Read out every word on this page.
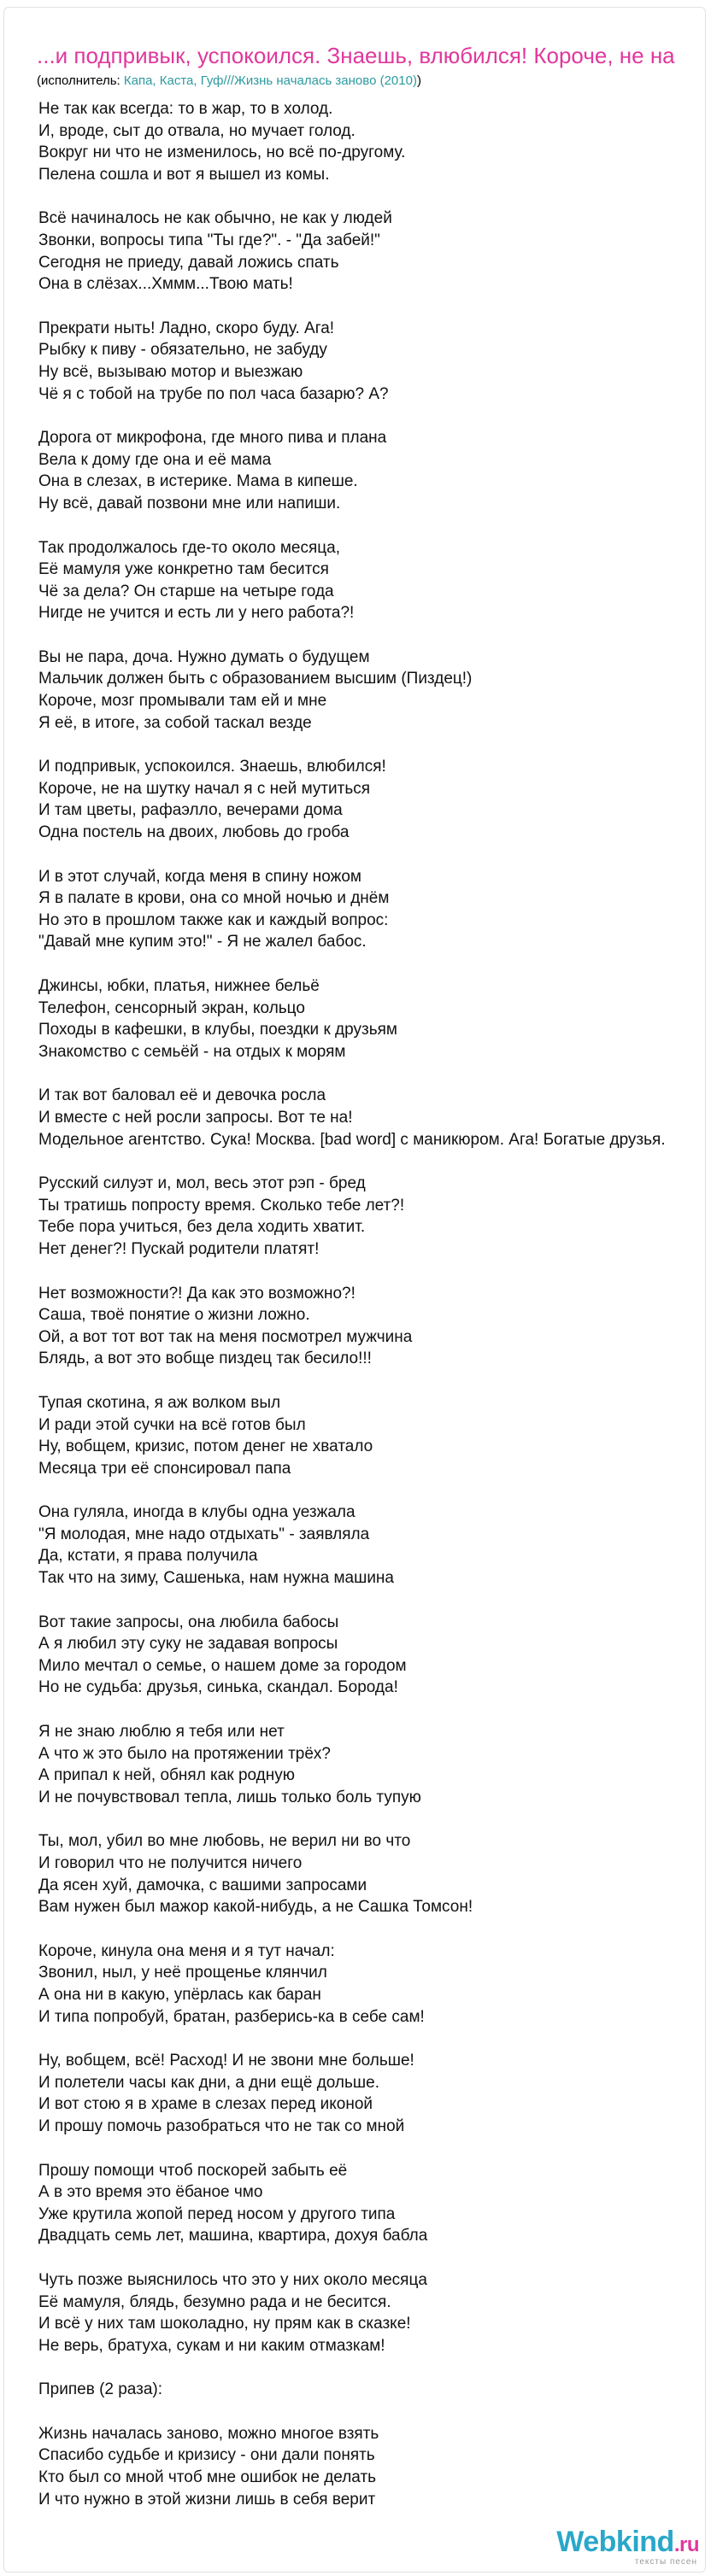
...и подпривык, успокоился. Знаешь, влюбился! Короче, не на
(исполнитель: Капа, Каста, Гуф///Жизнь началась заново (2010))
Не так как всегда: то в жар, то в холод.
И, вроде, сыт до отвала, но мучает голод.
Вокруг ни что не изменилось, но всё по-другому.
Пелена сошла и вот я вышел из комы.
Всё начиналось не как обычно, не как у людей
Звонки, вопросы типа "Ты где?". - "Да забей!"
Сегодня не приеду, давай ложись спать
Она в слёзах...Хммм...Твою мать!
Прекрати ныть! Ладно, скоро буду. Ага!
Рыбку к пиву - обязательно, не забуду
Ну всё, вызываю мотор и выезжаю
Чё я с тобой на трубе по пол часа базарю? А?
Дорога от микрофона, где много пива и плана
Вела к дому где она и её мама
Она в слезах, в истерике. Мама в кипеше.
Ну всё, давай позвони мне или напиши.
Так продолжалось где-то около месяца,
Её мамуля уже конкретно там бесится
Чё за дела? Он старше на четыре года
Нигде не учится и есть ли у него работа?!
Вы не пара, доча. Нужно думать о будущем
Мальчик должен быть с образованием высшим (Пиздец!)
Короче, мозг промывали там ей и мне
Я её, в итоге, за собой таскал везде
И подпривык, успокоился. Знаешь, влюбился!
Короче, не на шутку начал я с ней мутиться
И там цветы, рафаэлло, вечерами дома
Одна постель на двоих, любовь до гроба
И в этот случай, когда меня в спину ножом
Я в палате в крови, она со мной ночью и днём
Но это в прошлом также как и каждый вопрос:
"Давай мне купим это!" - Я не жалел бабос.
Джинсы, юбки, платья, нижнее бельё
Телефон, сенсорный экран, кольцо
Походы в кафешки, в клубы, поездки к друзьям
Знакомство с семьёй - на отдых к морям
И так вот баловал её и девочка росла
И вместе с ней росли запросы. Вот те на!
Модельное агентство. Сука! Москва. [bad word] с маникюром. Ага! Богатые друзья.
Русский силуэт и, мол, весь этот рэп - бред
Ты тратишь попросту время. Сколько тебе лет?!
Тебе пора учиться, без дела ходить хватит.
Нет денег?! Пускай родители платят!
Нет возможности?! Да как это возможно?!
Саша, твоё понятие о жизни ложно.
Ой, а вот тот вот так на меня посмотрел мужчина
Блядь, а вот это вобще пиздец так бесило!!!
Тупая скотина, я аж волком выл
И ради этой сучки на всё готов был
Ну, вобщем, кризис, потом денег не хватало
Месяца три её спонсировал папа
Она гуляла, иногда в клубы одна уезжала
"Я молодая, мне надо отдыхать" - заявляла
Да, кстати, я права получила
Так что на зиму, Сашенька, нам нужна машина
Вот такие запросы, она любила бабосы
А я любил эту суку не задавая вопросы
Мило мечтал о семье, о нашем доме за городом
Но не судьба: друзья, синька, скандал. Борода!
Я не знаю люблю я тебя или нет
А что ж это было на протяжении трёх?
А припал к ней, обнял как родную
И не почувствовал тепла, лишь только боль тупую
Ты, мол, убил во мне любовь, не верил ни во что
И говорил что не получится ничего
Да ясен хуй, дамочка, с вашими запросами
Вам нужен был мажор какой-нибудь, а не Сашка Томсон!
Короче, кинула она меня и я тут начал:
Звонил, ныл, у неё прощенье клянчил
А она ни в какую, упёрлась как баран
И типа попробуй, братан, разберись-ка в себе сам!
Ну, вобщем, всё! Расход! И не звони мне больше!
И полетели часы как дни, а дни ещё дольше.
И вот стою я в храме в слезах перед иконой
И прошу помочь разобраться что не так со мной
Прошу помощи чтоб поскорей забыть её
А в это время это ёбаное чмо
Уже крутила жопой перед носом у другого типа
Двадцать семь лет, машина, квартира, дохуя бабла
Чуть позже выяснилось что это у них около месяца
Её мамуля, блядь, безумно рада и не бесится.
И всё у них там шоколадно, ну прям как в сказке!
Не верь, братуха, сукам и ни каким отмазкам!
Припев (2 раза):
Жизнь началась заново, можно многое взять
Спасибо судьбе и кризису - они дали понять
Кто был со мной чтоб мне ошибок не делать
И что нужно в этой жизни лишь в себя верит
Webkind.ru
тексты песен
